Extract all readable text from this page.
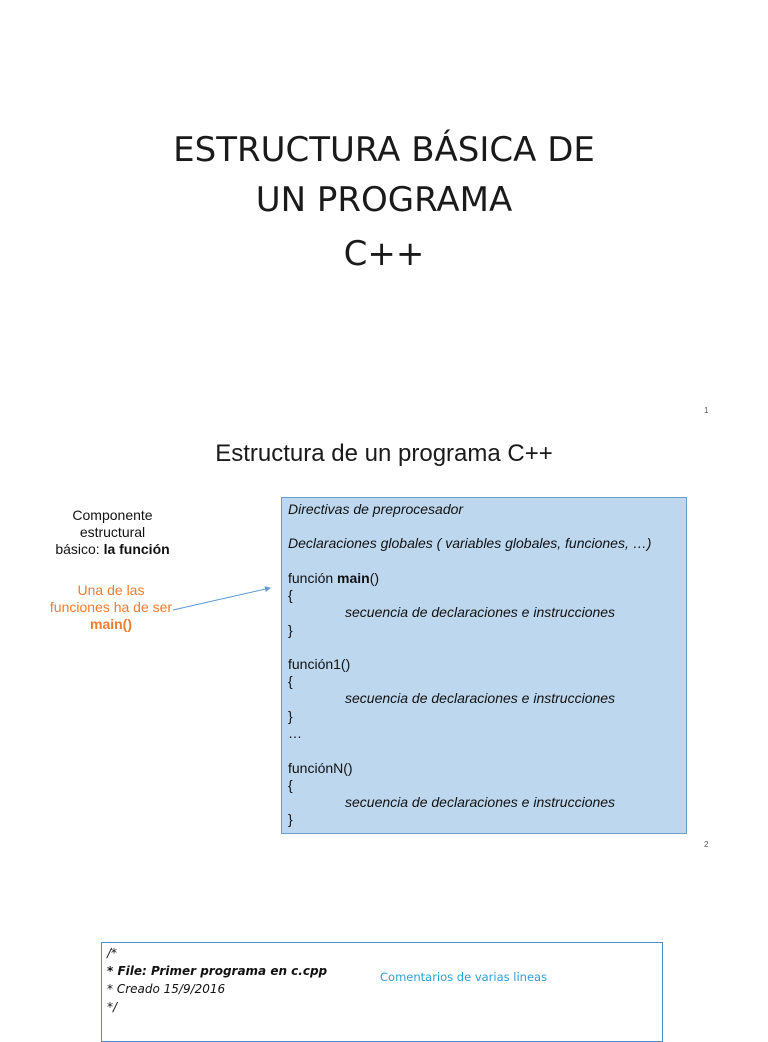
ESTRUCTURA BÁSICA DE
UN PROGRAMA
C++
1
Estructura de un programa C++
Componente
estructural
básico: la función
Una de las
funciones ha de ser
main()
Directivas de preprocesador
Declaraciones globales ( variables globales, funciones, …)
función main()
{
secuencia de declaraciones e instrucciones
}
función1()
{
secuencia de declaraciones e instrucciones
}
…
funciónN()
{
secuencia de declaraciones e instrucciones
}
2
/*
* File: Primer programa en c.cpp
* Creado 15/9/2016
*/
Comentarios de varias lineas
